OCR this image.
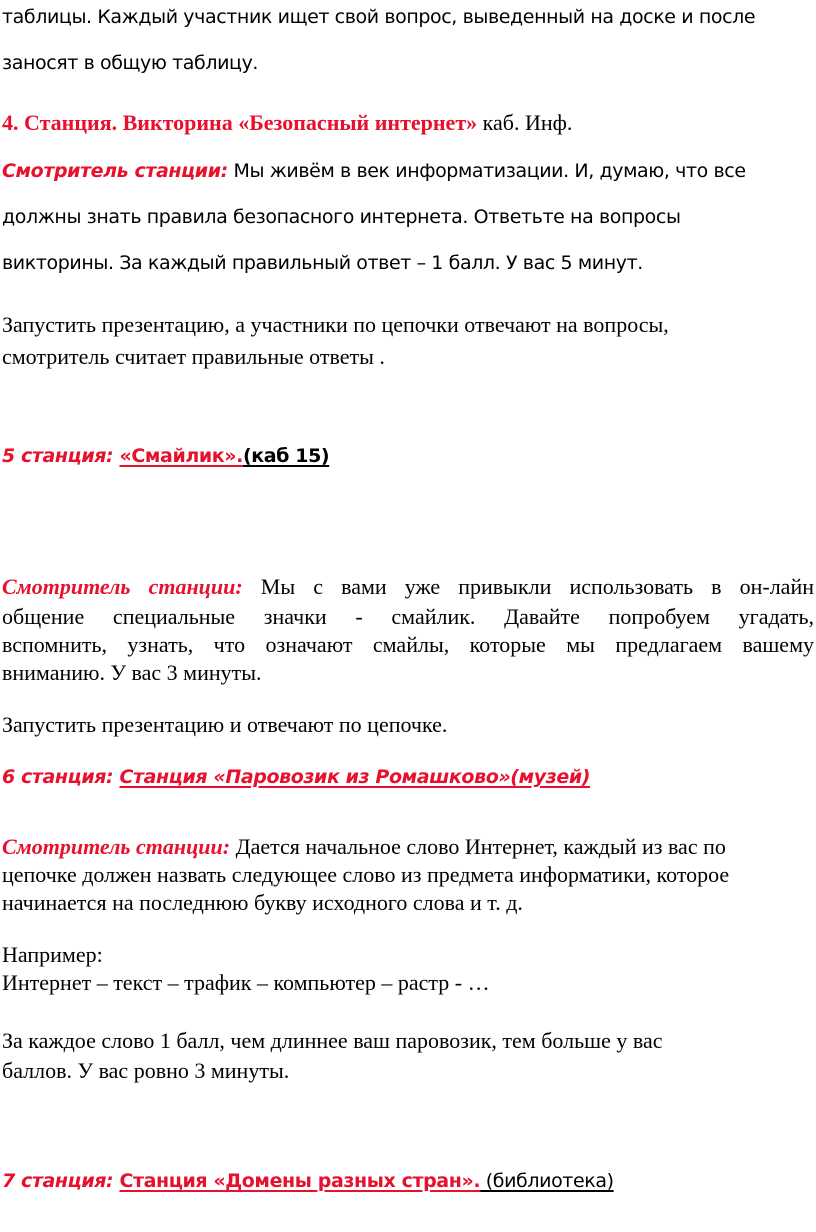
таблицы. Каждый участник ищет свой вопрос, выведенный на доске и после
заносят в общую таблицу.
4. Станция. Викторина «Безопасный интернет» каб. Инф.
Смотритель станции: Мы живём в век информатизации. И, думаю, что все
должны знать правила безопасного интернета. Ответьте на вопросы
викторины. За каждый правильный ответ – 1 балл. У вас 5 минут.
Запустить презентацию, а участники по цепочки отвечают на вопросы,
смотритель считает правильные ответы .
5 станция: «Смайлик».(каб 15)
Смотритель станции: Мы с вами уже привыкли использовать в он-лайн
общение специальные значки - смайлик. Давайте попробуем угадать,
вспомнить, узнать, что означают смайлы, которые мы предлагаем вашему
вниманию. У вас 3 минуты.
Запустить презентацию и отвечают по цепочке.
6 станция: Станция «Паровозик из Ромашково»(музей)
Смотритель станции: Дается начальное слово Интернет, каждый из вас по
цепочке должен назвать следующее слово из предмета информатики, которое
начинается на последнюю букву исходного слова и т. д.
Например:
Интернет – текст – трафик – компьютер – растр - …
За каждое слово 1 балл, чем длиннее ваш паровозик, тем больше у вас
баллов. У вас ровно 3 минуты.
7 станция: Станция «Домены разных стран». (библиотека)
